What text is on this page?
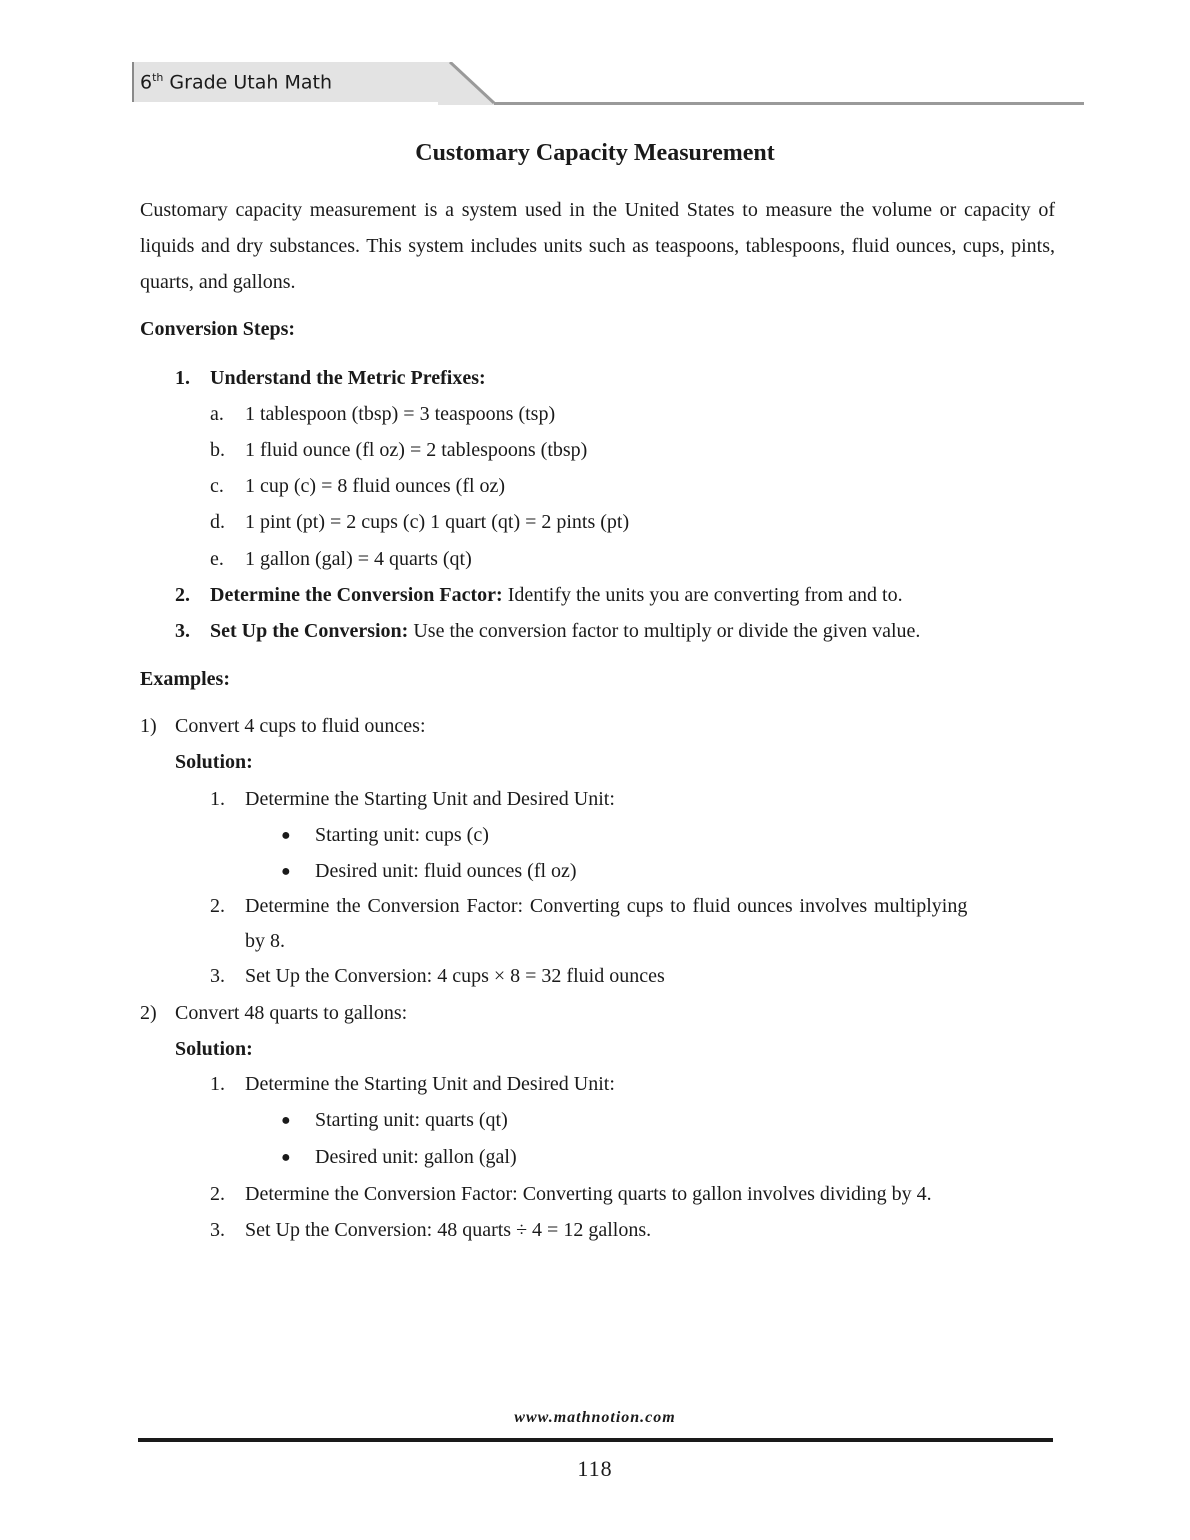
6th Grade Utah Math
Customary Capacity Measurement
Customary capacity measurement is a system used in the United States to measure the volume or capacity of liquids and dry substances. This system includes units such as teaspoons, tablespoons, fluid ounces, cups, pints, quarts, and gallons.
Conversion Steps:
1. Understand the Metric Prefixes:
a. 1 tablespoon (tbsp) = 3 teaspoons (tsp)
b. 1 fluid ounce (fl oz) = 2 tablespoons (tbsp)
c. 1 cup (c) = 8 fluid ounces (fl oz)
d. 1 pint (pt) = 2 cups (c) 1 quart (qt) = 2 pints (pt)
e. 1 gallon (gal) = 4 quarts (qt)
2. Determine the Conversion Factor: Identify the units you are converting from and to.
3. Set Up the Conversion: Use the conversion factor to multiply or divide the given value.
Examples:
1) Convert 4 cups to fluid ounces:
Solution:
1. Determine the Starting Unit and Desired Unit:
● Starting unit: cups (c)
● Desired unit: fluid ounces (fl oz)
2. Determine the Conversion Factor: Converting cups to fluid ounces involves multiplying
by 8.
3. Set Up the Conversion: 4 cups × 8 = 32 fluid ounces
2) Convert 48 quarts to gallons:
Solution:
1. Determine the Starting Unit and Desired Unit:
● Starting unit: quarts (qt)
● Desired unit: gallon (gal)
2. Determine the Conversion Factor: Converting quarts to gallon involves dividing by 4.
3. Set Up the Conversion: 48 quarts ÷ 4 = 12 gallons.
www.mathnotion.com
118
